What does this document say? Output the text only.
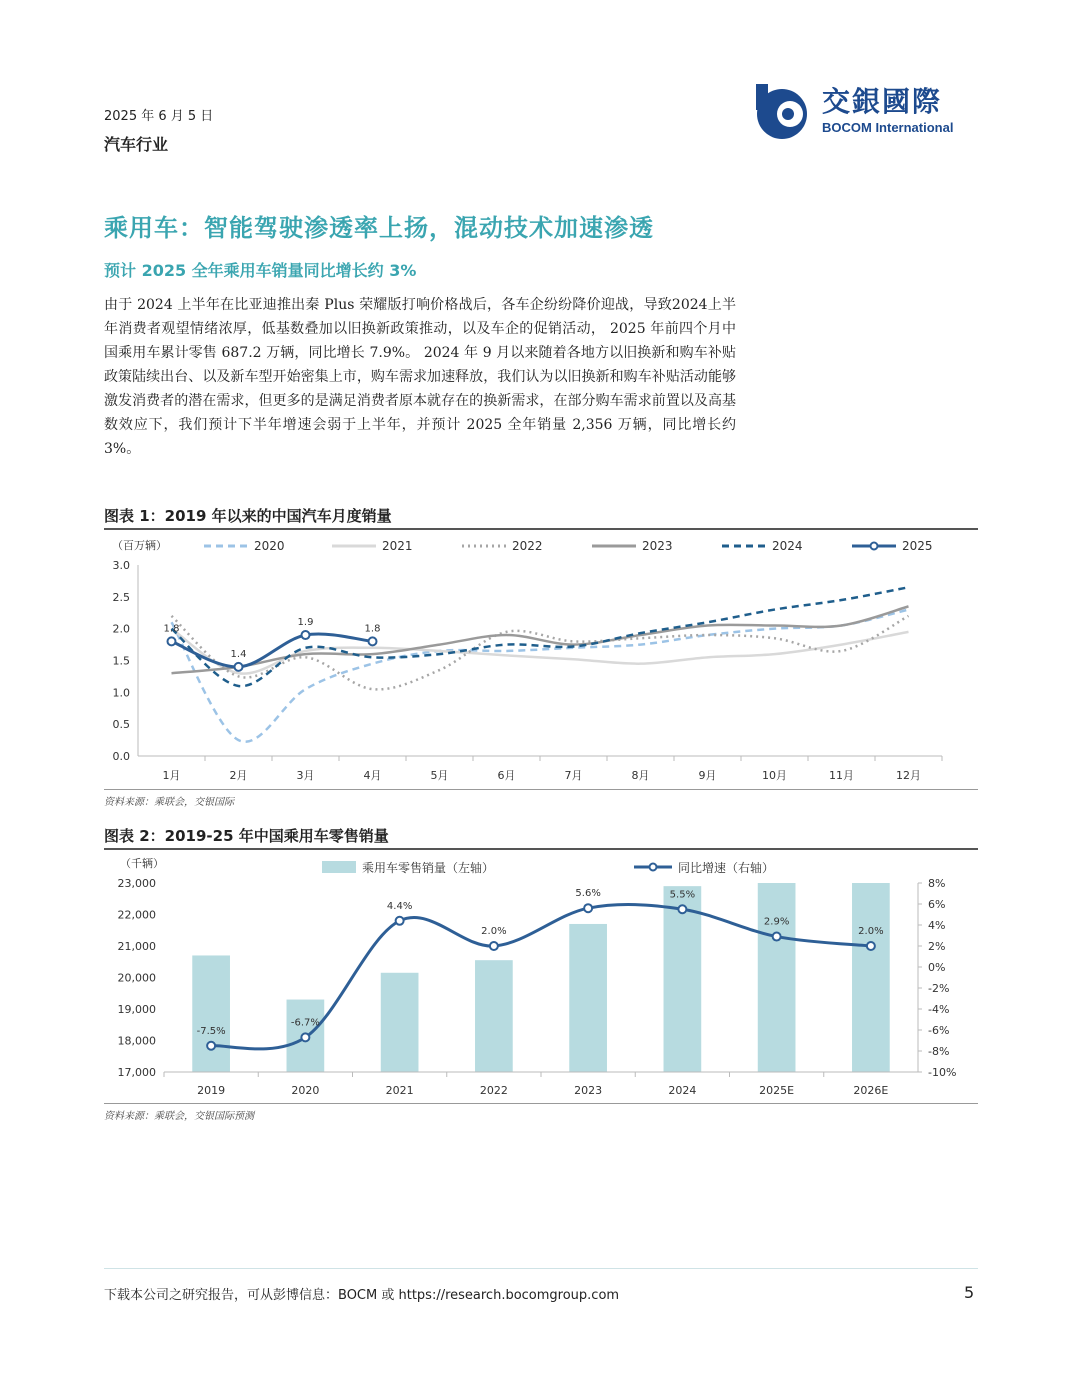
2025 年 6 月 5 日
汽车行业
交銀國際
BOCOM International
乘用车：智能驾驶渗透率上扬，混动技术加速渗透
预计 2025 全年乘用车销量同比增长约 3%
由于 2024 上半年在比亚迪推出秦 Plus 荣耀版打响价格战后，各车企纷纷降价迎战，导致2024上半年消费者观望情绪浓厚，低基数叠加以旧换新政策推动，以及车企的促销活动， 2025 年前四个月中国乘用车累计零售 687.2 万辆，同比增长 7.9%。 2024 年 9 月以来随着各地方以旧换新和购车补贴政策陆续出台、以及新车型开始密集上市，购车需求加速释放，我们认为以旧换新和购车补贴活动能够激发消费者的潜在需求，但更多的是满足消费者原本就存在的换新需求，在部分购车需求前置以及高基数效应下，我们预计下半年增速会弱于上半年，并预计 2025 全年销量 2,356 万辆，同比增长约 3%。
图表 1：2019 年以来的中国汽车月度销量
（百万辆）	2020	2021	2022	2023	2024	2025
0.0
0.5
1.0
1.5
2.0
2.5
3.0
1月	2月	3月	4月	5月	6月	7月	8月	9月	10月	11月	12月
1.8
1.4
1.9
1.8
资料来源：乘联会，交银国际
图表 2：2019-25 年中国乘用车零售销量
（千辆）	乘用车零售销量（左轴）	同比增速（右轴）
17,000
18,000
19,000
20,000
21,000
22,000
23,000
-10%
-8%
-6%
-4%
-2%
0%
2%
4%
6%
8%
2019	2020	2021	2022	2023	2024	2025E	2026E
-7.5%
-6.7%
4.4%
2.0%
5.6%	5.5%
2.9%
2.0%
资料来源：乘联会，交银国际预测
下载本公司之研究报告，可从彭博信息：BOCM 或 https://research.bocomgroup.com	5
